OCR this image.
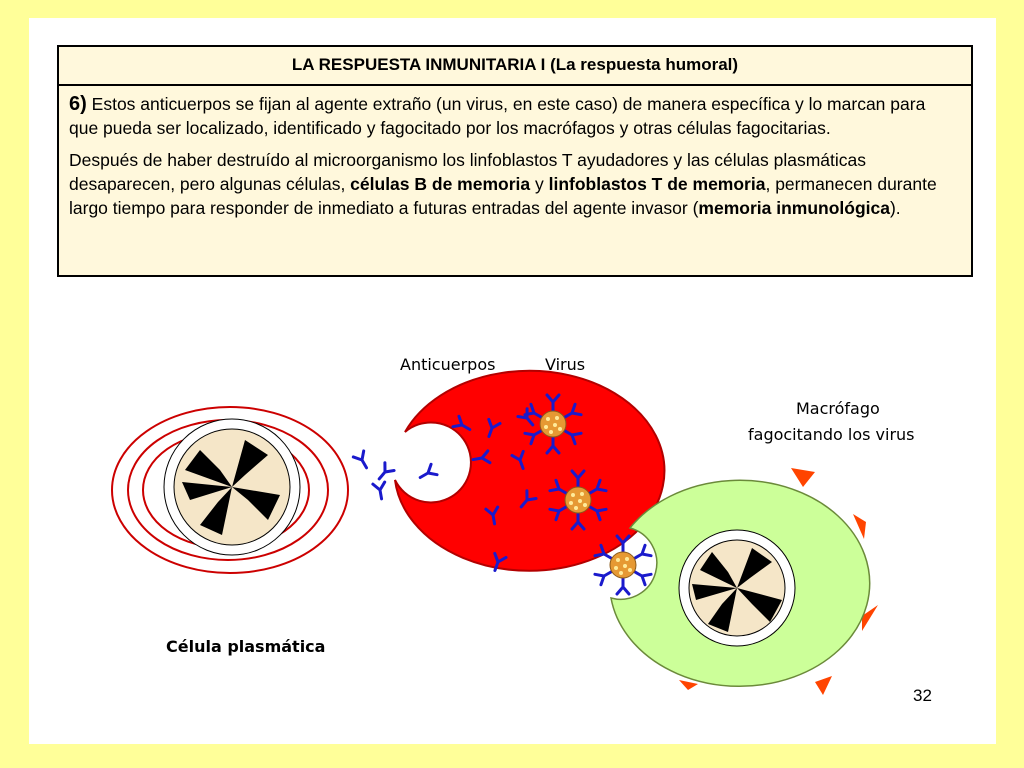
LA RESPUESTA INMUNITARIA I (La respuesta humoral)

6) Estos anticuerpos se fijan al agente extraño (un virus, en este caso) de manera específica y lo marcan para que pueda ser localizado, identificado y fagocitado por los macrófagos y otras células fagocitarias.

Después de haber destruído al microorganismo los linfoblastos T ayudadores y las células plasmáticas desaparecen, pero algunas células, células B de memoria y linfoblastos T de memoria, permanecen durante largo tiempo para responder de inmediato a futuras entradas del agente invasor (memoria inmunológica).

Anticuerpos	Virus
Macrófago
fagocitando los virus
Célula plasmática
32
